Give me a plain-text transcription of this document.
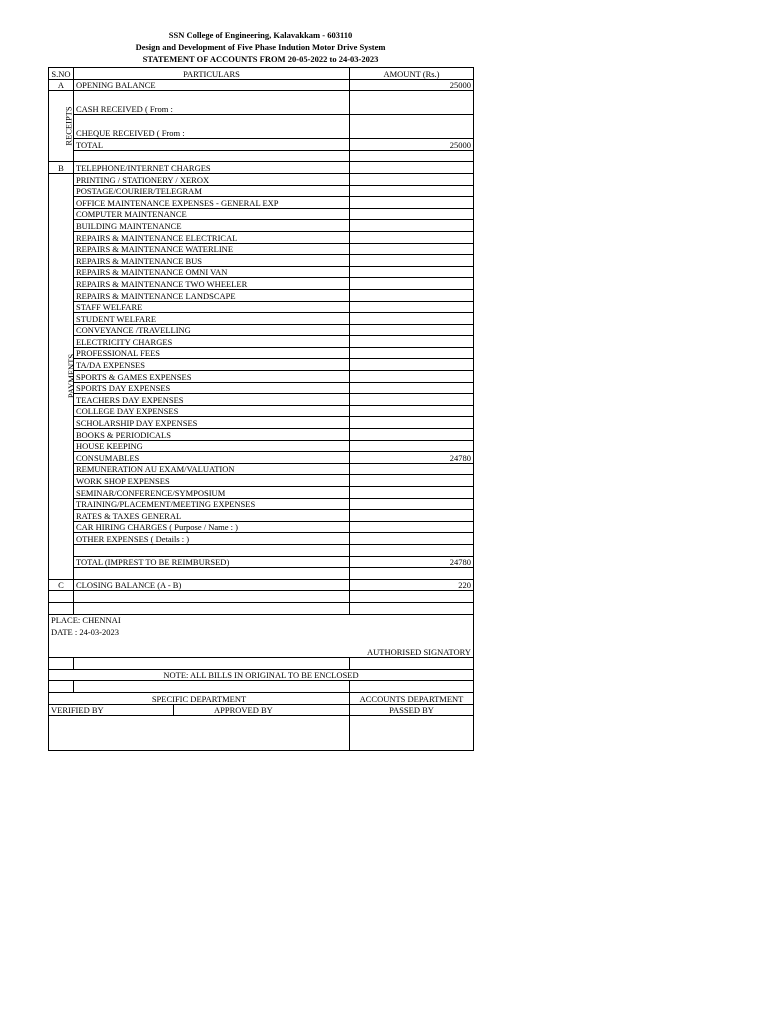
SSN College of Engineering, Kalavakkam - 603110
Design and Development of Five Phase Indution Motor Drive System
STATEMENT OF ACCOUNTS FROM 20-05-2022 to 24-03-2023
S.NO	PARTICULARS		AMOUNT (Rs.)
A	OPENING BALANCE		25000
RECEIPTS	CASH RECEIVED ( From :		
	CHEQUE RECEIVED ( From :		
	TOTAL		25000

B	TELEPHONE/INTERNET CHARGES		
PAYMENTS	PRINTING / STATIONERY / XEROX		
	POSTAGE/COURIER/TELEGRAM		
	OFFICE MAINTENANCE EXPENSES - GENERAL EXP		
	COMPUTER MAINTENANCE		
	BUILDING MAINTENANCE		
	REPAIRS & MAINTENANCE ELECTRICAL		
	REPAIRS & MAINTENANCE WATERLINE		
	REPAIRS & MAINTENANCE BUS		
	REPAIRS & MAINTENANCE OMNI VAN		
	REPAIRS & MAINTENANCE TWO WHEELER		
	REPAIRS & MAINTENANCE LANDSCAPE		
	STAFF WELFARE		
	STUDENT WELFARE		
	CONVEYANCE /TRAVELLING		
	ELECTRICITY CHARGES		
	PROFESSIONAL FEES		
	TA/DA EXPENSES		
	SPORTS & GAMES EXPENSES		
	SPORTS DAY EXPENSES		
	TEACHERS DAY EXPENSES		
	COLLEGE DAY EXPENSES		
	SCHOLARSHIP DAY EXPENSES		
	BOOKS & PERIODICALS		
	HOUSE KEEPING		
	CONSUMABLES		24780
	REMUNERATION AU EXAM/VALUATION		
	WORK SHOP EXPENSES		
	SEMINAR/CONFERENCE/SYMPOSIUM		
	TRAINING/PLACEMENT/MEETING EXPENSES		
	RATES & TAXES GENERAL		
	CAR HIRING CHARGES ( Purpose / Name : )		
	OTHER EXPENSES ( Details : )		

	TOTAL (IMPREST TO BE REIMBURSED)		24780

C	CLOSING BALANCE (A - B)		220

PLACE: CHENNAI			
DATE : 24-03-2023			
AUTHORISED SIGNATORY			

NOTE: ALL BILLS IN ORIGINAL TO BE ENCLOSED			

SPECIFIC DEPARTMENT			ACCOUNTS DEPARTMENT
VERIFIED BY		APPROVED BY	PASSED BY
